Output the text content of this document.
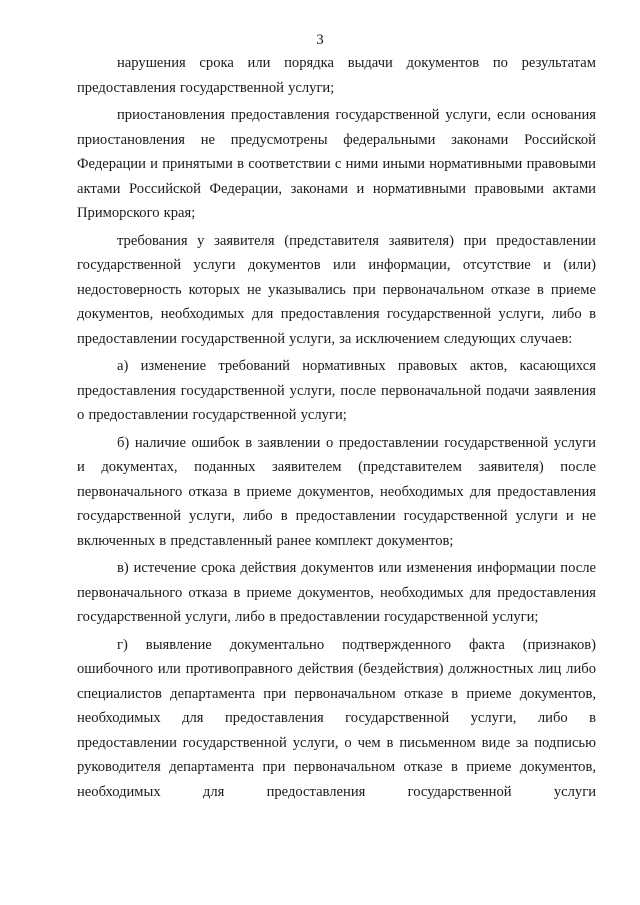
3

нарушения срока или порядка выдачи документов по результатам предоставления государственной услуги;

приостановления предоставления государственной услуги, если основания приостановления не предусмотрены федеральными законами Российской Федерации и принятыми в соответствии с ними иными нормативными правовыми актами Российской Федерации, законами и нормативными правовыми актами Приморского края;

требования у заявителя (представителя заявителя) при предоставлении государственной услуги документов или информации, отсутствие и (или) недостоверность которых не указывались при первоначальном отказе в приеме документов, необходимых для предоставления государственной услуги, либо в предоставлении государственной услуги, за исключением следующих случаев:

а) изменение требований нормативных правовых актов, касающихся предоставления государственной услуги, после первоначальной подачи заявления о предоставлении государственной услуги;

б) наличие ошибок в заявлении о предоставлении государственной услуги и документах, поданных заявителем (представителем заявителя) после первоначального отказа в приеме документов, необходимых для предоставления государственной услуги, либо в предоставлении государственной услуги и не включенных в представленный ранее комплект документов;

в) истечение срока действия документов или изменения информации после первоначального отказа в приеме документов, необходимых для предоставления государственной услуги, либо в предоставлении государственной услуги;

г) выявление документально подтвержденного факта (признаков) ошибочного или противоправного действия (бездействия) должностных лиц либо специалистов департамента при первоначальном отказе в приеме документов, необходимых для предоставления государственной услуги, либо в предоставлении государственной услуги, о чем в письменном виде за подписью руководителя департамента при первоначальном отказе в приеме документов, необходимых для предоставления государственной услуги
